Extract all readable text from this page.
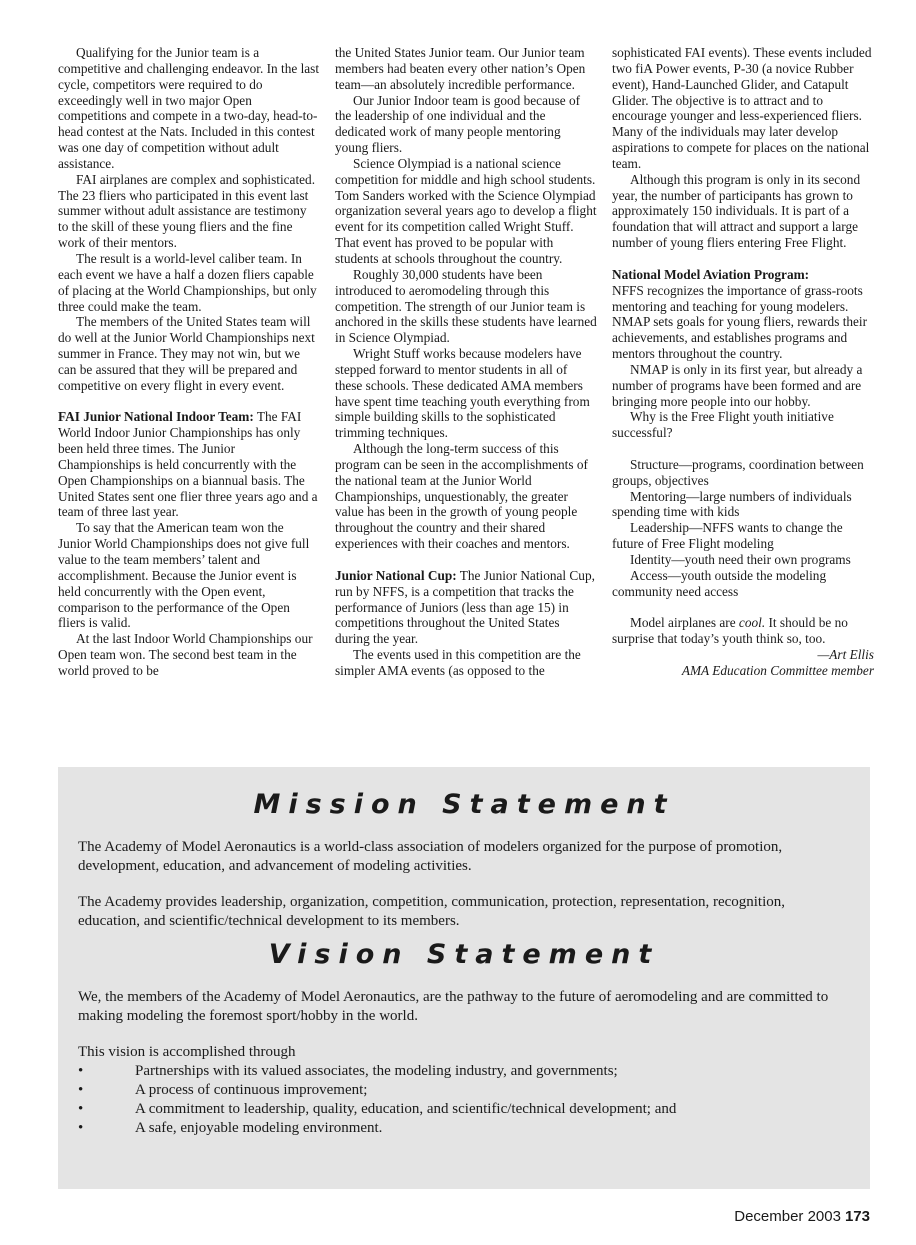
Qualifying for the Junior team is a competitive and challenging endeavor. In the last cycle, competitors were required to do exceedingly well in two major Open competitions and compete in a two-day, head-to-head contest at the Nats. Included in this contest was one day of competition without adult assistance.

FAI airplanes are complex and sophisticated. The 23 fliers who participated in this event last summer without adult assistance are testimony to the skill of these young fliers and the fine work of their mentors.

The result is a world-level caliber team. In each event we have a half a dozen fliers capable of placing at the World Championships, but only three could make the team.

The members of the United States team will do well at the Junior World Championships next summer in France. They may not win, but we can be assured that they will be prepared and competitive on every flight in every event.

FAI Junior National Indoor Team: The FAI World Indoor Junior Championships has only been held three times. The Junior Championships is held concurrently with the Open Championships on a biannual basis. The United States sent one flier three years ago and a team of three last year.

To say that the American team won the Junior World Championships does not give full value to the team members’ talent and accomplishment. Because the Junior event is held concurrently with the Open event, comparison to the performance of the Open fliers is valid.

At the last Indoor World Championships our Open team won. The second best team in the world proved to be

the United States Junior team. Our Junior team members had beaten every other nation’s Open team—an absolutely incredible performance.

Our Junior Indoor team is good because of the leadership of one individual and the dedicated work of many people mentoring young fliers.

Science Olympiad is a national science competition for middle and high school students. Tom Sanders worked with the Science Olympiad organization several years ago to develop a flight event for its competition called Wright Stuff. That event has proved to be popular with students at schools throughout the country.

Roughly 30,000 students have been introduced to aeromodeling through this competition. The strength of our Junior team is anchored in the skills these students have learned in Science Olympiad.

Wright Stuff works because modelers have stepped forward to mentor students in all of these schools. These dedicated AMA members have spent time teaching youth everything from simple building skills to the sophisticated trimming techniques.

Although the long-term success of this program can be seen in the accomplishments of the national team at the Junior World Championships, unquestionably, the greater value has been in the growth of young people throughout the country and their shared experiences with their coaches and mentors.

Junior National Cup: The Junior National Cup, run by NFFS, is a competition that tracks the performance of Juniors (less than age 15) in competitions throughout the United States during the year.

The events used in this competition are the simpler AMA events (as opposed to the

sophisticated FAI events). These events included two fiA Power events, P-30 (a novice Rubber event), Hand-Launched Glider, and Catapult Glider. The objective is to attract and to encourage younger and less-experienced fliers. Many of the individuals may later develop aspirations to compete for places on the national team.

Although this program is only in its second year, the number of participants has grown to approximately 150 individuals. It is part of a foundation that will attract and support a large number of young fliers entering Free Flight.

National Model Aviation Program:

NFFS recognizes the importance of grass-roots mentoring and teaching for young modelers. NMAP sets goals for young fliers, rewards their achievements, and establishes programs and mentors throughout the country.

NMAP is only in its first year, but already a number of programs have been formed and are bringing more people into our hobby.

Why is the Free Flight youth initiative successful?

Structure—programs, coordination between groups, objectives

Mentoring—large numbers of individuals spending time with kids

Leadership—NFFS wants to change the future of Free Flight modeling

Identity—youth need their own programs

Access—youth outside the modeling community need access

Model airplanes are cool. It should be no surprise that today’s youth think so, too.

—Art Ellis

AMA Education Committee member

Mission Statement

The Academy of Model Aeronautics is a world-class association of modelers organized for the purpose of promotion, development, education, and advancement of modeling activities.

The Academy provides leadership, organization, competition, communication, protection, representation, recognition, education, and scientific/technical development to its members.

Vision Statement

We, the members of the Academy of Model Aeronautics, are the pathway to the future of aeromodeling and are committed to making modeling the foremost sport/hobby in the world.

This vision is accomplished through

•	Partnerships with its valued associates, the modeling industry, and governments;
•	A process of continuous improvement;
•	A commitment to leadership, quality, education, and scientific/technical development; and
•	A safe, enjoyable modeling environment.
December 2003 173
